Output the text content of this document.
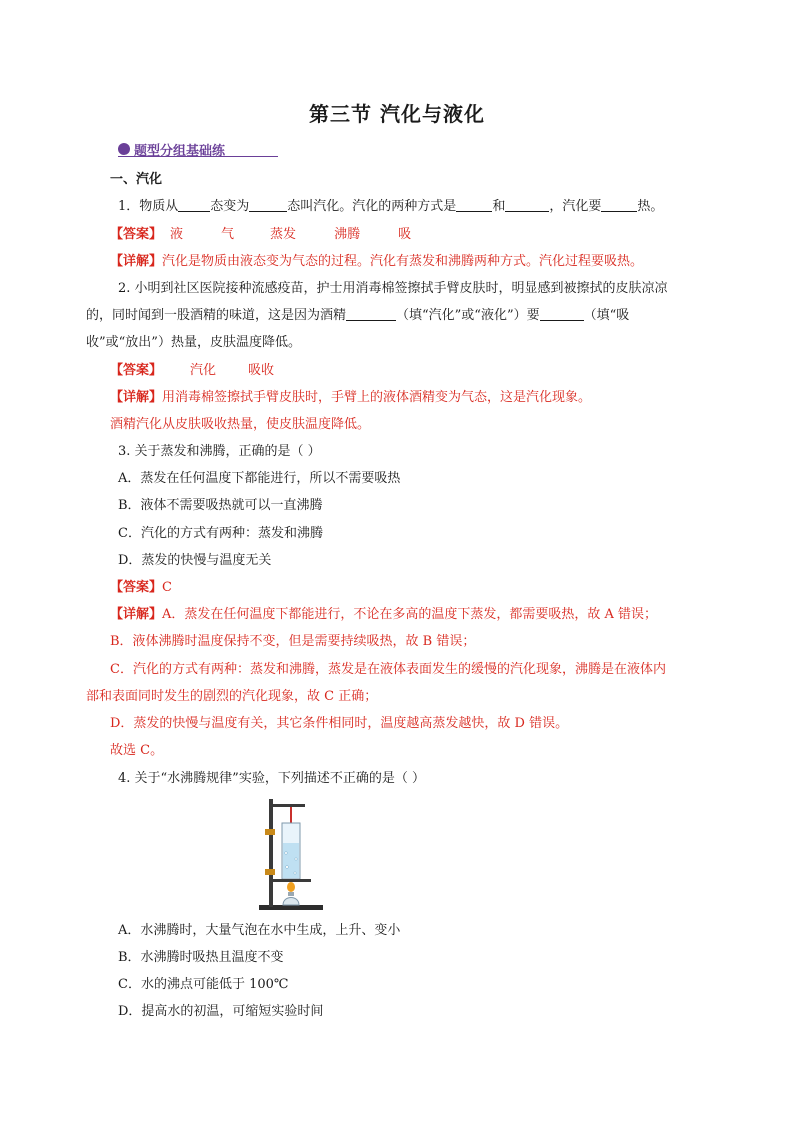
第三节 汽化与液化
题型分组基础练
一、汽化
1．物质从 态变为	态叫汽化。汽化的两种方式是	和	，汽化要	热。
【答案】 液	气	蒸发	沸腾	吸
【详解】汽化是物质由液态变为气态的过程。汽化有蒸发和沸腾两种方式。汽化过程要吸热。
2. 小明到社区医院接种流感疫苗，护士用消毒棉签擦拭手臂皮肤时，明显感到被擦拭的皮肤凉凉
的，同时闻到一股酒精的味道，这是因为酒精	（填“汽化”或“液化”）要	（填“吸
收”或“放出”）热量，皮肤温度降低。
【答案】 汽化 吸收
【详解】用消毒棉签擦拭手臂皮肤时，手臂上的液体酒精变为气态，这是汽化现象。
酒精汽化从皮肤吸收热量，使皮肤温度降低。
3. 关于蒸发和沸腾，正确的是（ ）
A．蒸发在任何温度下都能进行，所以不需要吸热
B．液体不需要吸热就可以一直沸腾
C．汽化的方式有两种：蒸发和沸腾
D．蒸发的快慢与温度无关
【答案】C
【详解】A．蒸发在任何温度下都能进行，不论在多高的温度下蒸发，都需要吸热，故 A 错误；
B．液体沸腾时温度保持不变，但是需要持续吸热，故 B 错误；
C．汽化的方式有两种：蒸发和沸腾，蒸发是在液体表面发生的缓慢的汽化现象，沸腾是在液体内
部和表面同时发生的剧烈的汽化现象，故 C 正确；
D．蒸发的快慢与温度有关，其它条件相同时，温度越高蒸发越快，故 D 错误。
故选 C。
4. 关于“水沸腾规律”实验，下列描述不正确的是（ ）
A．水沸腾时，大量气泡在水中生成，上升、变小
B．水沸腾时吸热且温度不变
C．水的沸点可能低于 100℃
D．提高水的初温，可缩短实验时间
